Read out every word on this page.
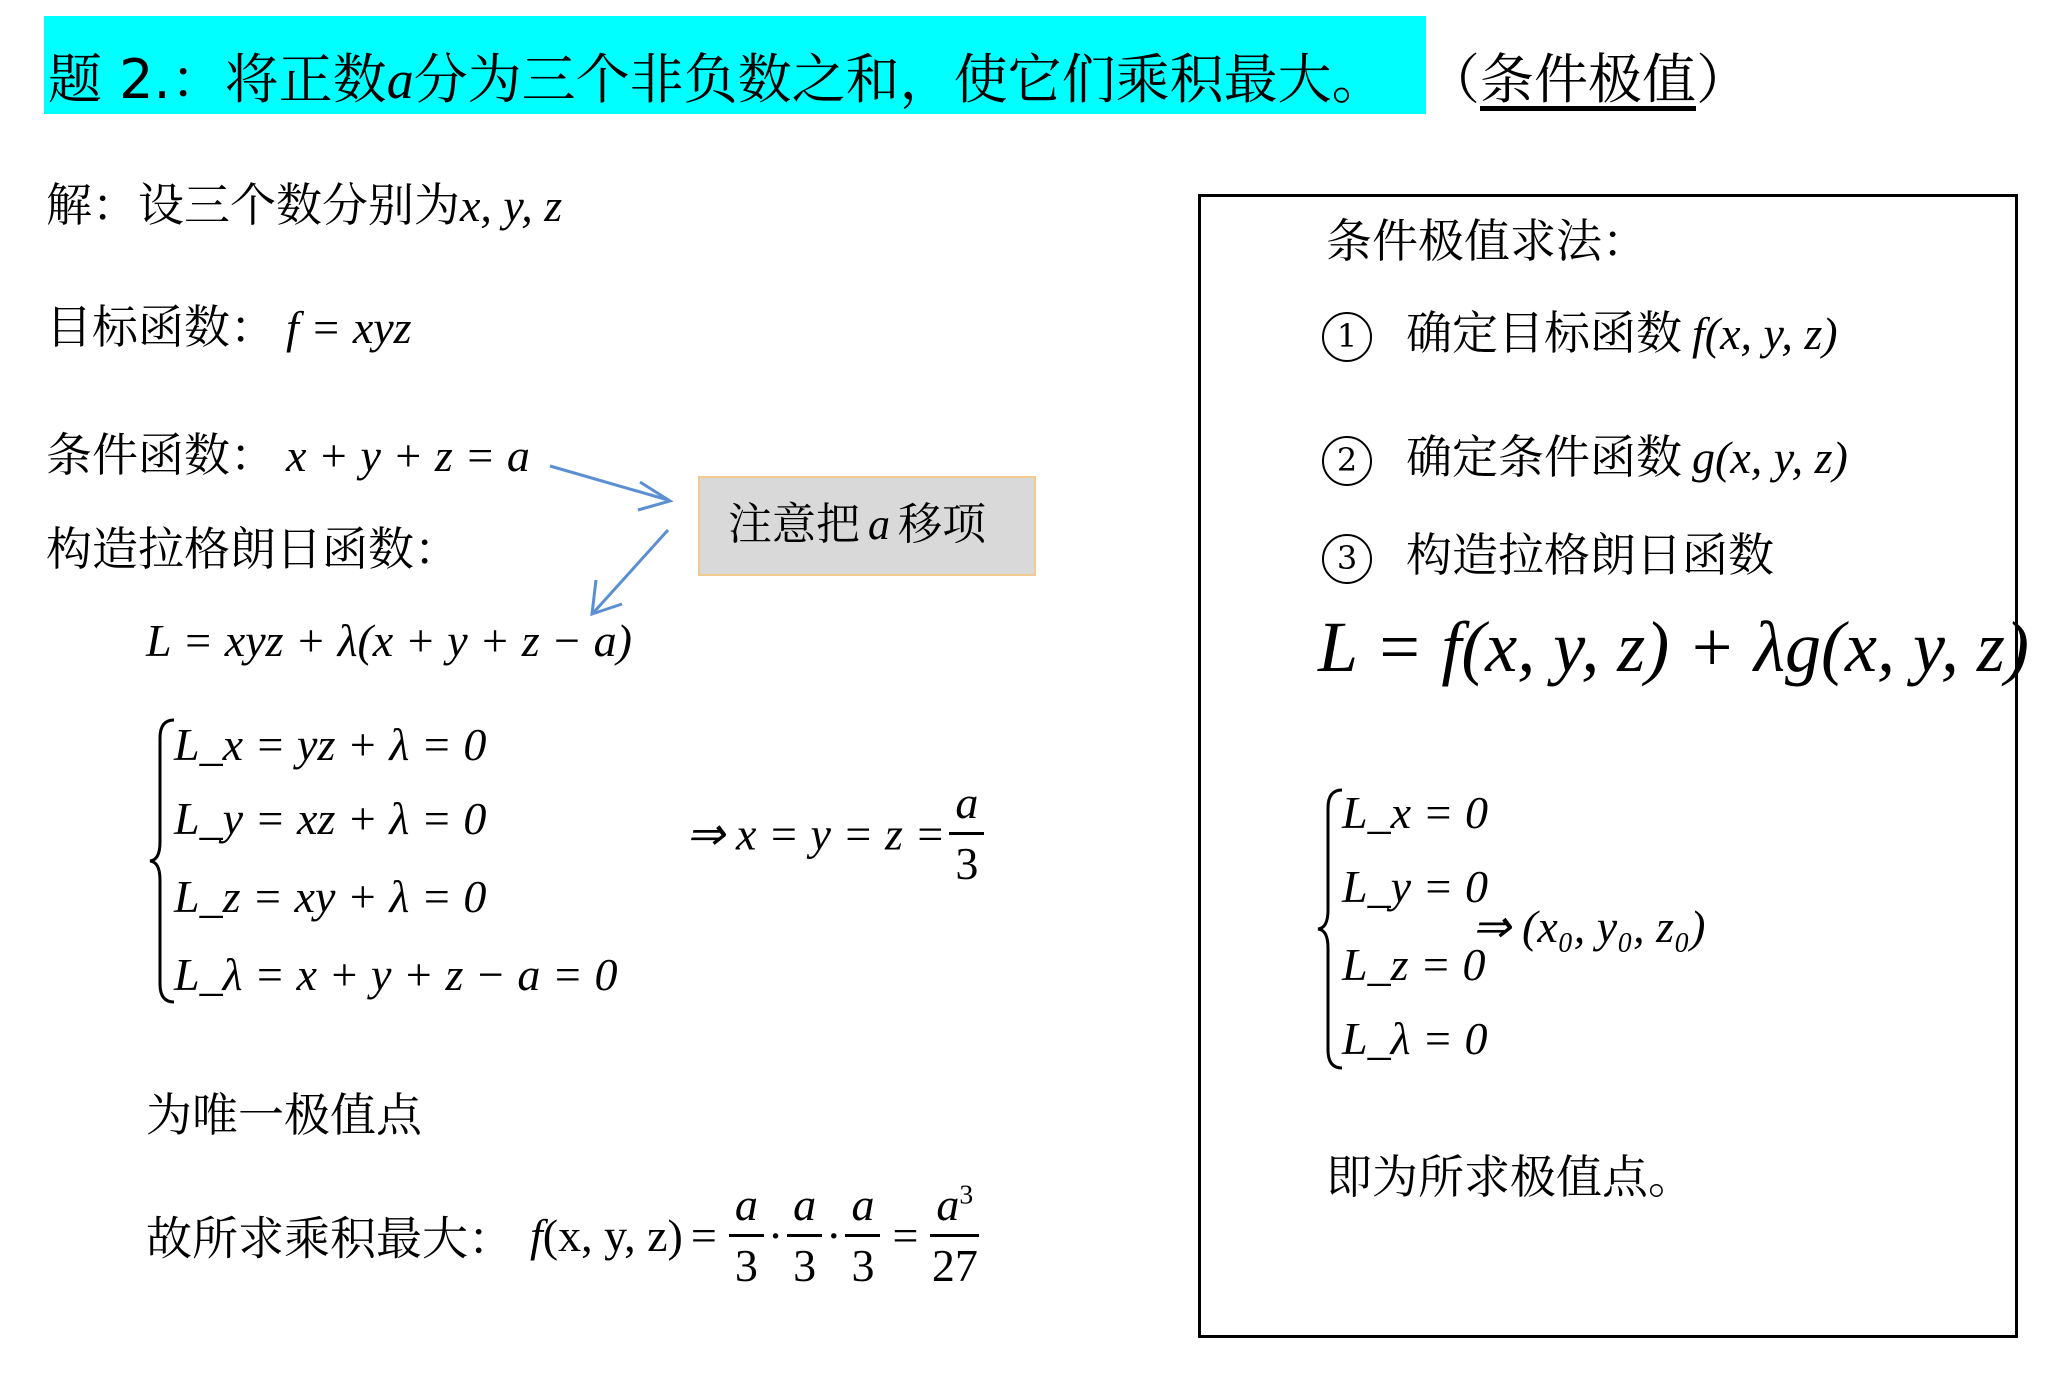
题 2.：将正数a分为三个非负数之和，使它们乘积最大。 （条件极值）
解：设三个数分别为x, y, z
目标函数： f = xyz
条件函数： x + y + z = a
构造拉格朗日函数：
L = xyz + λ(x + y + z − a)
L_x = yz + λ = 0
L_y = xz + λ = 0
L_z = xy + λ = 0
L_λ = x + y + z − a = 0
⇒ $x = y = z = \frac{a}{3}$
为唯一极值点
故所求乘积最大： f(x, y, $z) = \frac{a}{3} \cdot \frac{a}{3} \cdot \frac{a}{3} = \frac{a^3}{27}$
注意把 a 移项
条件极值求法：
1 确定目标函数 f(x, y, z)
2 确定条件函数 g(x, y, z)
3 构造拉格朗日函数
L = f(x, y, z) + λg(x, y, z)
L_x = 0
L_y = 0
L_z = 0
L_λ = 0
⇒ (x₀, y₀, z₀)
即为所求极值点。
